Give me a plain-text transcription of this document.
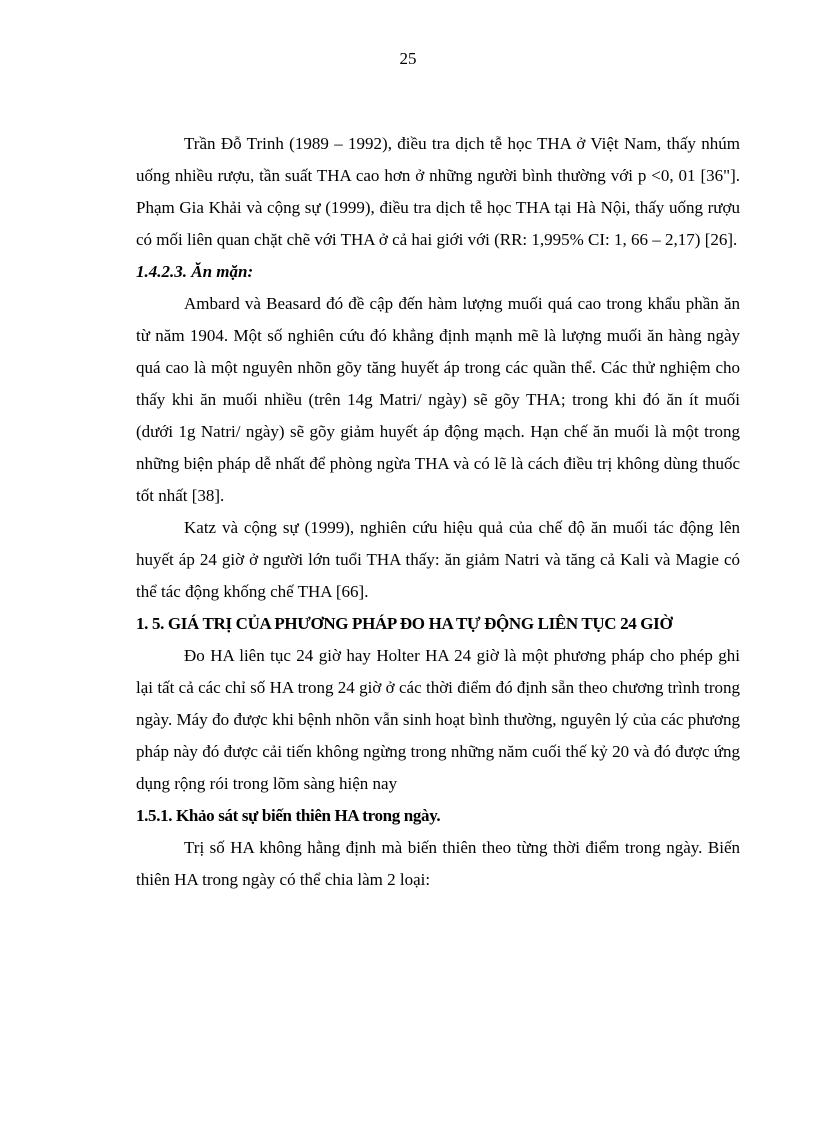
25

Trần Đỗ Trinh (1989 – 1992), điều tra dịch tễ học THA ở Việt Nam, thấy nhúm uống nhiều rượu, tần suất THA cao hơn ở những người bình thường với p <0, 01 [36"]. Phạm Gia Khải và cộng sự (1999), điều tra dịch tễ học THA tại Hà Nội, thấy uống rượu có mối liên quan chặt chẽ với THA ở cả hai giới với (RR: 1,995% CI: 1, 66 – 2,17) [26].

1.4.2.3. Ăn mặn:

Ambard và Beasard đó đề cập đến hàm lượng muối quá cao trong khẩu phần ăn từ năm 1904. Một số nghiên cứu đó khẳng định mạnh mẽ là lượng muối ăn hàng ngày quá cao là một nguyên nhõn gõy tăng huyết áp trong các quần thể. Các thử nghiệm cho thấy khi ăn muối nhiều (trên 14g Matri/ ngày) sẽ gõy THA; trong khi đó ăn ít muối (dưới 1g Natri/ ngày) sẽ gõy giảm huyết áp động mạch. Hạn chế ăn muối là một trong những biện pháp dễ nhất để phòng ngừa THA và có lẽ là cách điều trị không dùng thuốc tốt nhất [38].

Katz và cộng sự (1999), nghiên cứu hiệu quả của chế độ ăn muối tác động lên huyết áp 24 giờ ở người lớn tuổi THA thấy: ăn giảm Natri và tăng cả Kali và Magie có thể tác động khống chế THA [66].

1. 5. GIÁ TRỊ CỦA PHƯƠNG PHÁP ĐO HA TỰ ĐỘNG LIÊN TỤC 24 GIỜ

Đo HA liên tục 24 giờ hay Holter HA 24 giờ là một phương pháp cho phép ghi lại tất cả các chỉ số HA trong 24 giờ ở các thời điểm đó định sẵn theo chương trình trong ngày. Máy đo được khi bệnh nhõn vẫn sinh hoạt bình thường, nguyên lý của các phương pháp này đó được cải tiến không ngừng trong những năm cuối thế kỷ 20 và đó được ứng dụng rộng rói trong lõm sàng hiện nay

1.5.1. Khảo sát sự biến thiên HA trong ngày.

Trị số HA không hằng định mà biến thiên theo từng thời điểm trong ngày. Biến thiên HA trong ngày có thể chia làm 2 loại:
